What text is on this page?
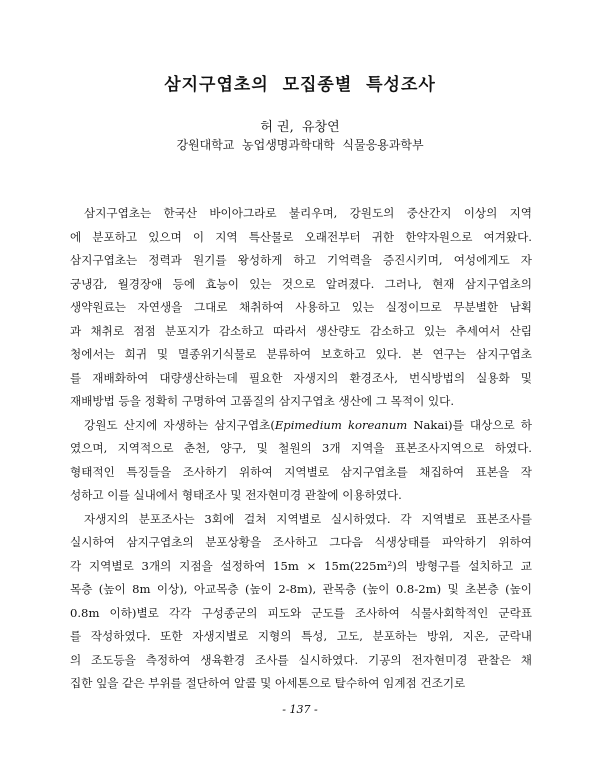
삼지구엽초의  모집종별  특성조사
허 권,  유창연
강원대학교  농업생명과학대학  식물응용과학부
삼지구엽초는 한국산 바이아그라로 불리우며, 강원도의 중산간지 이상의 지역
에 분포하고 있으며 이 지역 특산물로 오래전부터 귀한 한약자원으로 여겨왔다.
삼지구엽초는 정력과 원기를 왕성하게 하고 기억력을 증진시키며, 여성에게도 자
궁냉감, 월경장애 등에 효능이 있는 것으로 알려졌다. 그러나, 현재 삼지구엽초의
생약원료는 자연생을 그대로 채취하여 사용하고 있는 실정이므로 무분별한 남획
과 채취로 점점 분포지가 감소하고 따라서 생산량도 감소하고 있는 추세여서 산림
청에서는 희귀 및 멸종위기식물로 분류하여 보호하고 있다. 본 연구는 삼지구엽초
를 재배화하여 대량생산하는데 필요한 자생지의 환경조사, 번식방법의 실용화 및
재배방법 등을 정확히 구명하여 고품질의 삼지구엽초 생산에 그 목적이 있다.
강원도 산지에 자생하는 삼지구엽초(Epimedium koreanum Nakai)를 대상으로 하
였으며, 지역적으로 춘천, 양구, 및 철원의 3개 지역을 표본조사지역으로 하였다.
형태적인 특징들을 조사하기 위하여 지역별로 삼지구엽초를 채집하여 표본을 작
성하고 이를 실내에서 형태조사 및 전자현미경 관찰에 이용하였다.
자생지의 분포조사는 3회에 걸쳐 지역별로 실시하였다. 각 지역별로 표본조사를
실시하여 삼지구엽초의 분포상황을 조사하고 그다음 식생상태를 파악하기 위하여
각 지역별로 3개의 지점을 설정하여 15m × 15m(225m²)의 방형구를 설치하고 교
목층 (높이 8m 이상), 아교목층 (높이 2-8m), 관목층 (높이 0.8-2m) 및 초본층 (높이
0.8m 이하)별로 각각 구성종군의 피도와 군도를 조사하여 식물사회학적인 군락표
를 작성하였다. 또한 자생지별로 지형의 특성, 고도, 분포하는 방위, 지온, 군락내
의 조도등을 측정하여 생육환경 조사를 실시하였다. 기공의 전자현미경 관찰은 채
집한 잎을 같은 부위를 절단하여 알콜 및 아세톤으로 탈수하여 임계점 건조기로
- 137 -
